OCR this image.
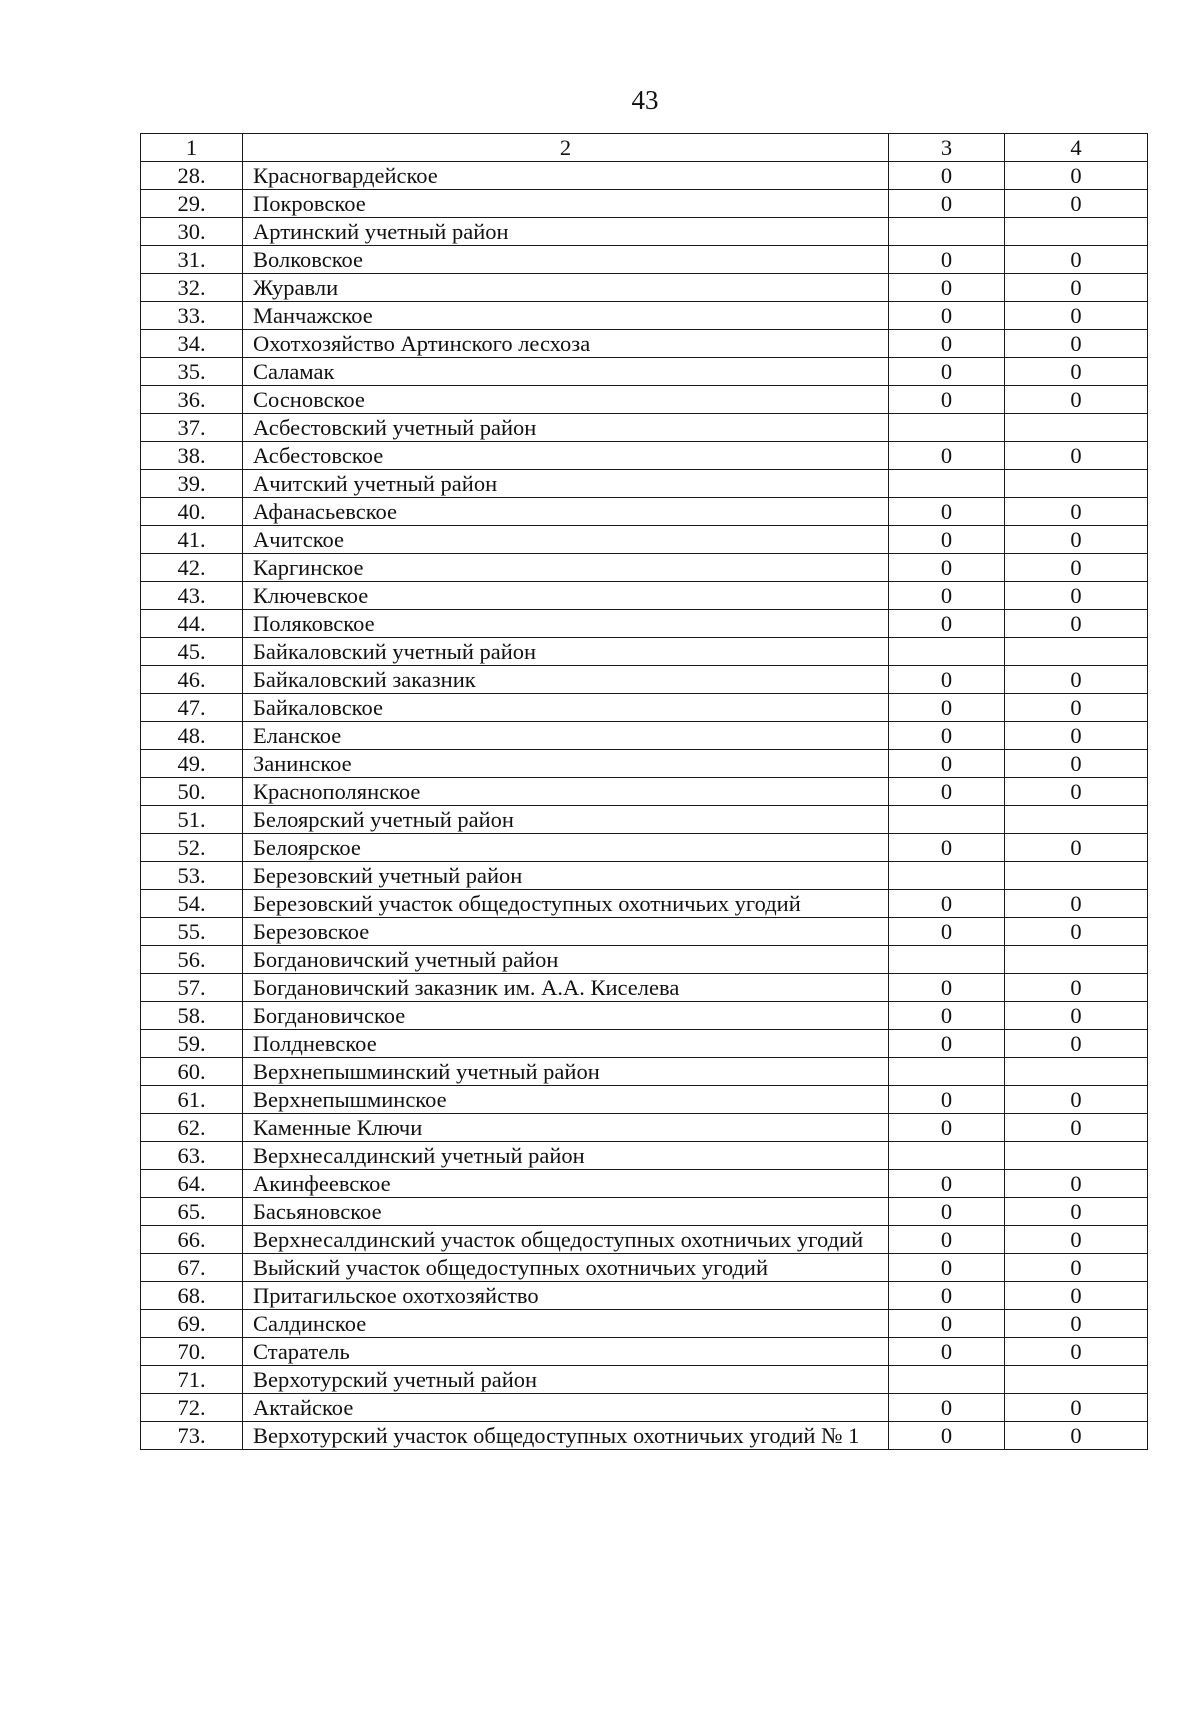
43
1	2	3	4
28.	Красногвардейское	0	0
29.	Покровское	0	0
30.	Артинский учетный район		
31.	Волковское	0	0
32.	Журавли	0	0
33.	Манчажское	0	0
34.	Охотхозяйство Артинского лесхоза	0	0
35.	Саламак	0	0
36.	Сосновское	0	0
37.	Асбестовский учетный район		
38.	Асбестовское	0	0
39.	Ачитский учетный район		
40.	Афанасьевское	0	0
41.	Ачитское	0	0
42.	Каргинское	0	0
43.	Ключевское	0	0
44.	Поляковское	0	0
45.	Байкаловский учетный район		
46.	Байкаловский заказник	0	0
47.	Байкаловское	0	0
48.	Еланское	0	0
49.	Занинское	0	0
50.	Краснополянское	0	0
51.	Белоярский учетный район		
52.	Белоярское	0	0
53.	Березовский учетный район		
54.	Березовский участок общедоступных охотничьих угодий	0	0
55.	Березовское	0	0
56.	Богдановичский учетный район		
57.	Богдановичский заказник им. А.А. Киселева	0	0
58.	Богдановичское	0	0
59.	Полдневское	0	0
60.	Верхнепышминский учетный район		
61.	Верхнепышминское	0	0
62.	Каменные Ключи	0	0
63.	Верхнесалдинский учетный район		
64.	Акинфеевское	0	0
65.	Басьяновское	0	0
66.	Верхнесалдинский участок общедоступных охотничьих угодий	0	0
67.	Выйский участок общедоступных охотничьих угодий	0	0
68.	Притагильское охотхозяйство	0	0
69.	Салдинское	0	0
70.	Старатель	0	0
71.	Верхотурский учетный район		
72.	Актайское	0	0
73.	Верхотурский участок общедоступных охотничьих угодий № 1	0	0
